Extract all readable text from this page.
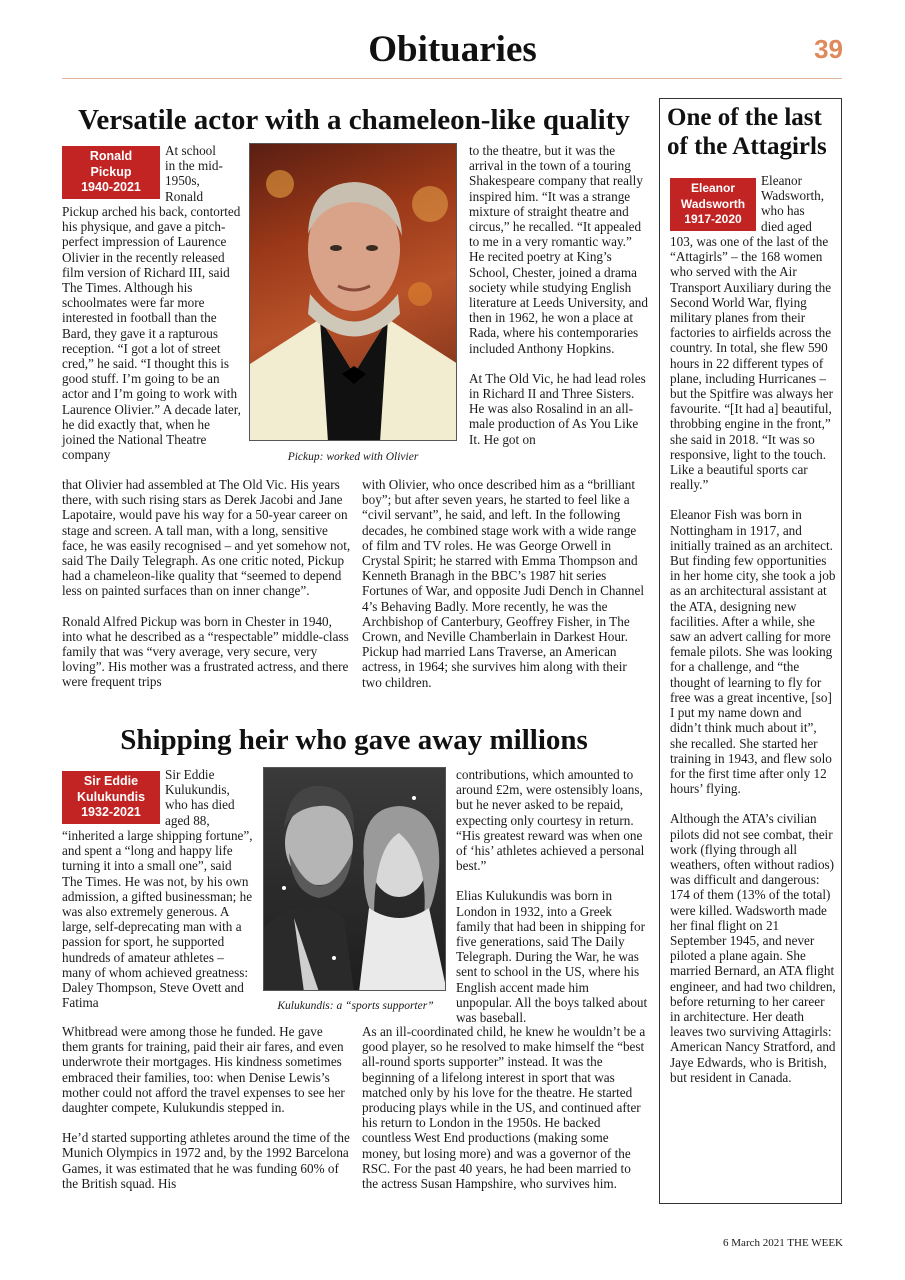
Obituaries	39
Versatile actor with a chameleon-like quality
Ronald
Pickup
1940-2021
At school
in the mid-
1950s,
Ronald

Pickup arched his back, contorted his physique, and gave a pitch-perfect impression of Laurence Olivier in the recently released film version of Richard III, said The Times. Although his schoolmates were far more interested in football than the Bard, they gave it a rapturous reception. “I got a lot of street cred,” he said. “I thought this is good stuff. I’m going to be an actor and I’m going to work with Laurence Olivier.” A decade later, he did exactly that, when he joined the National Theatre company	Pickup: worked with Olivier

to the theatre, but it was the arrival in the town of a touring Shakespeare company that really inspired him. “It was a strange mixture of straight theatre and circus,” he recalled. “It appealed to me in a very romantic way.” He recited poetry at King’s School, Chester, joined a drama society while studying English literature at Leeds University, and then in 1962, he won a place at Rada, where his contemporaries included Anthony Hopkins.

At The Old Vic, he had lead roles in Richard II and Three Sisters. He was also Rosalind in an all-male production of As You Like It. He got on

that Olivier had assembled at The Old Vic. His years there, with such rising stars as Derek Jacobi and Jane Lapotaire, would pave his way for a 50-year career on stage and screen. A tall man, with a long, sensitive face, he was easily recognised – and yet somehow not, said The Daily Telegraph. As one critic noted, Pickup had a chameleon-like quality that “seemed to depend less on painted surfaces than on inner change”.

Ronald Alfred Pickup was born in Chester in 1940, into what he described as a “respectable” middle-class family that was “very average, very secure, very loving”. His mother was a frustrated actress, and there were frequent trips

with Olivier, who once described him as a “brilliant boy”; but after seven years, he started to feel like a “civil servant”, he said, and left. In the following decades, he combined stage work with a wide range of film and TV roles. He was George Orwell in Crystal Spirit; he starred with Emma Thompson and Kenneth Branagh in the BBC’s 1987 hit series Fortunes of War, and opposite Judi Dench in Channel 4’s Behaving Badly. More recently, he was the Archbishop of Canterbury, Geoffrey Fisher, in The Crown, and Neville Chamberlain in Darkest Hour. Pickup had married Lans Traverse, an American actress, in 1964; she survives him along with their two children.

Shipping heir who gave away millions
Sir Eddie
Kulukundis
1932-2021
Sir Eddie
Kulukundis,
who has died
aged 88,

“inherited a large shipping fortune”, and spent a “long and happy life turning it into a small one”, said The Times. He was not, by his own admission, a gifted businessman; he was also extremely generous. A large, self-deprecating man with a passion for sport, he supported hundreds of amateur athletes – many of whom achieved greatness: Daley Thompson, Steve Ovett and Fatima	Kulukundis: a “sports supporter”

contributions, which amounted to around £2m, were ostensibly loans, but he never asked to be repaid, expecting only courtesy in return. “His greatest reward was when one of ‘his’ athletes achieved a personal best.”

Elias Kulukundis was born in London in 1932, into a Greek family that had been in shipping for five generations, said The Daily Telegraph. During the War, he was sent to school in the US, where his English accent made him unpopular. All the boys talked about was baseball.

Whitbread were among those he funded. He gave them grants for training, paid their air fares, and even underwrote their mortgages. His kindness sometimes embraced their families, too: when Denise Lewis’s mother could not afford the travel expenses to see her daughter compete, Kulukundis stepped in.

He’d started supporting athletes around the time of the Munich Olympics in 1972 and, by the 1992 Barcelona Games, it was estimated that he was funding 60% of the British squad. His

As an ill-coordinated child, he knew he wouldn’t be a good player, so he resolved to make himself the “best all-round sports supporter” instead. It was the beginning of a lifelong interest in sport that was matched only by his love for the theatre. He started producing plays while in the US, and continued after his return to London in the 1950s. He backed countless West End productions (making some money, but losing more) and was a governor of the RSC. For the past 40 years, he had been married to the actress Susan Hampshire, who survives him.

One of the last of the Attagirls
Eleanor
Wadsworth
1917-2020
Eleanor
Wadsworth,
who has
died aged

103, was one of the last of the “Attagirls” – the 168 women who served with the Air Transport Auxiliary during the Second World War, flying military planes from their factories to airfields across the country. In total, she flew 590 hours in 22 different types of plane, including Hurricanes – but the Spitfire was always her favourite. “[It had a] beautiful, throbbing engine in the front,” she said in 2018. “It was so responsive, light to the touch. Like a beautiful sports car really.”

Eleanor Fish was born in Nottingham in 1917, and initially trained as an architect. But finding few opportunities in her home city, she took a job as an architectural assistant at the ATA, designing new facilities. After a while, she saw an advert calling for more female pilots. She was looking for a challenge, and “the thought of learning to fly for free was a great incentive, [so] I put my name down and didn’t think much about it”, she recalled. She started her training in 1943, and flew solo for the first time after only 12 hours’ flying.

Although the ATA’s civilian pilots did not see combat, their work (flying through all weathers, often without radios) was difficult and dangerous: 174 of them (13% of the total) were killed. Wadsworth made her final flight on 21 September 1945, and never piloted a plane again. She married Bernard, an ATA flight engineer, and had two children, before returning to her career in architecture. Her death leaves two surviving Attagirls: American Nancy Stratford, and Jaye Edwards, who is British, but resident in Canada.

6 March 2021 THE WEEK
